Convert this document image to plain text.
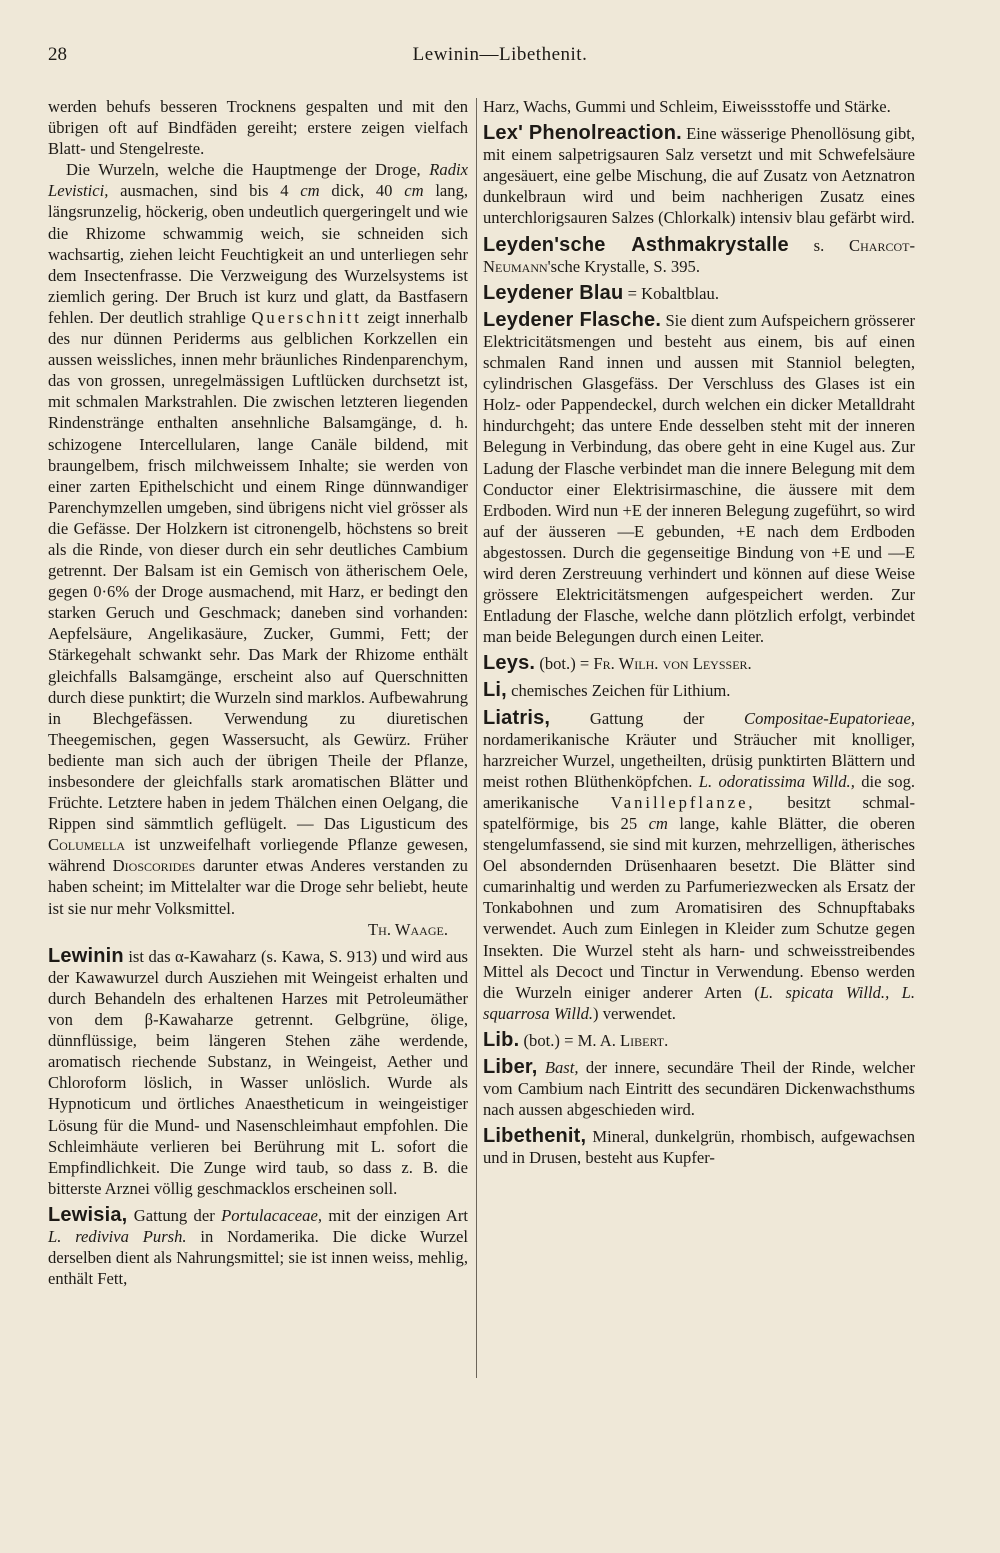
28	Lewinin—Libethenit.

werden behufs besseren Trocknens gespalten und mit den übrigen oft auf Bindfäden gereiht; erstere zeigen vielfach Blatt- und Stengelreste.

Die Wurzeln, welche die Hauptmenge der Droge, Radix Levistici, ausmachen, sind bis 4 cm dick, 40 cm lang, längsrunzelig, höckerig, oben undeutlich quergeringelt und wie die Rhizome schwammig weich, sie schneiden sich wachsartig, ziehen leicht Feuchtigkeit an und unterliegen sehr dem Insectenfrasse. Die Verzweigung des Wurzelsystems ist ziemlich gering. Der Bruch ist kurz und glatt, da Bastfasern fehlen. Der deutlich strahlige Querschnitt zeigt innerhalb des nur dünnen Periderms aus gelblichen Korkzellen ein aussen weissliches, innen mehr bräunliches Rindenparenchym, das von grossen, unregelmässigen Luftlücken durchsetzt ist, mit schmalen Markstrahlen. Die zwischen letzteren liegenden Rindenstränge enthalten ansehnliche Balsamgänge, d. h. schizogene Intercellularen, lange Canäle bildend, mit braungelbem, frisch milchweissem Inhalte; sie werden von einer zarten Epithelschicht und einem Ringe dünnwandiger Parenchymzellen umgeben, sind übrigens nicht viel grösser als die Gefässe. Der Holzkern ist citronengelb, höchstens so breit als die Rinde, von dieser durch ein sehr deutliches Cambium getrennt. Der Balsam ist ein Gemisch von ätherischem Oele, gegen 0·6% der Droge ausmachend, mit Harz, er bedingt den starken Geruch und Geschmack; daneben sind vorhanden: Aepfelsäure, Angelikasäure, Zucker, Gummi, Fett; der Stärkegehalt schwankt sehr. Das Mark der Rhizome enthält gleichfalls Balsamgänge, erscheint also auf Querschnitten durch diese punktirt; die Wurzeln sind marklos. Aufbewahrung in Blechgefässen. Verwendung zu diuretischen Theegemischen, gegen Wassersucht, als Gewürz. Früher bediente man sich auch der übrigen Theile der Pflanze, insbesondere der gleichfalls stark aromatischen Blätter und Früchte. Letztere haben in jedem Thälchen einen Oelgang, die Rippen sind sämmtlich geflügelt. — Das Ligusticum des Columella ist unzweifelhaft vorliegende Pflanze gewesen, während Dioscorides darunter etwas Anderes verstanden zu haben scheint; im Mittelalter war die Droge sehr beliebt, heute ist sie nur mehr Volksmittel.

Th. Waage.

Lewinin ist das α-Kawaharz (s. Kawa, S. 913) und wird aus der Kawawurzel durch Ausziehen mit Weingeist erhalten und durch Behandeln des erhaltenen Harzes mit Petroleumäther von dem β-Kawaharze getrennt. Gelbgrüne, ölige, dünnflüssige, beim längeren Stehen zähe werdende, aromatisch riechende Substanz, in Weingeist, Aether und Chloroform löslich, in Wasser unlöslich. Wurde als Hypnoticum und örtliches Anaestheticum in weingeistiger Lösung für die Mund- und Nasenschleimhaut empfohlen. Die Schleimhäute verlieren bei Berührung mit L. sofort die Empfindlichkeit. Die Zunge wird taub, so dass z. B. die bitterste Arznei völlig geschmacklos erscheinen soll.

Lewisia, Gattung der Portulacaceae, mit der einzigen Art L. rediviva Pursh. in Nordamerika. Die dicke Wurzel derselben dient als Nahrungsmittel; sie ist innen weiss, mehlig, enthält Fett,

Harz, Wachs, Gummi und Schleim, Eiweissstoffe und Stärke.

Lex' Phenolreaction. Eine wässerige Phenollösung gibt, mit einem salpetrigsauren Salz versetzt und mit Schwefelsäure angesäuert, eine gelbe Mischung, die auf Zusatz von Aetznatron dunkelbraun wird und beim nachherigen Zusatz eines unterchlorigsauren Salzes (Chlorkalk) intensiv blau gefärbt wird.

Leyden'sche Asthmakrystalle s. Charcot-Neumann'sche Krystalle, S. 395.

Leydener Blau = Kobaltblau.

Leydener Flasche. Sie dient zum Aufspeichern grösserer Elektricitätsmengen und besteht aus einem, bis auf einen schmalen Rand innen und aussen mit Stanniol belegten, cylindrischen Glasgefäss. Der Verschluss des Glases ist ein Holz- oder Pappendeckel, durch welchen ein dicker Metalldraht hindurchgeht; das untere Ende desselben steht mit der inneren Belegung in Verbindung, das obere geht in eine Kugel aus. Zur Ladung der Flasche verbindet man die innere Belegung mit dem Conductor einer Elektrisirmaschine, die äussere mit dem Erdboden. Wird nun +E der inneren Belegung zugeführt, so wird auf der äusseren —E gebunden, +E nach dem Erdboden abgestossen. Durch die gegenseitige Bindung von +E und —E wird deren Zerstreuung verhindert und können auf diese Weise grössere Elektricitätsmengen aufgespeichert werden. Zur Entladung der Flasche, welche dann plötzlich erfolgt, verbindet man beide Belegungen durch einen Leiter.

Leys. (bot.) = Fr. Wilh. von Leysser.

Li, chemisches Zeichen für Lithium.

Liatris, Gattung der Compositae-Eupatorieae, nordamerikanische Kräuter und Sträucher mit knolliger, harzreicher Wurzel, ungetheilten, drüsig punktirten Blättern und meist rothen Blüthenköpfchen. L. odoratissima Willd., die sog. amerikanische Vanillepflanze, besitzt schmal-spatelförmige, bis 25 cm lange, kahle Blätter, die oberen stengelumfassend, sie sind mit kurzen, mehrzelligen, ätherisches Oel absondernden Drüsenhaaren besetzt. Die Blätter sind cumarinhaltig und werden zu Parfumeriezwecken als Ersatz der Tonkabohnen und zum Aromatisiren des Schnupftabaks verwendet. Auch zum Einlegen in Kleider zum Schutze gegen Insekten. Die Wurzel steht als harn- und schweisstreibendes Mittel als Decoct und Tinctur in Verwendung. Ebenso werden die Wurzeln einiger anderer Arten (L. spicata Willd., L. squarrosa Willd.) verwendet.

Lib. (bot.) = M. A. Libert.

Liber, Bast, der innere, secundäre Theil der Rinde, welcher vom Cambium nach Eintritt des secundären Dickenwachsthums nach aussen abgeschieden wird.

Libethenit, Mineral, dunkelgrün, rhombisch, aufgewachsen und in Drusen, besteht aus Kupfer-
